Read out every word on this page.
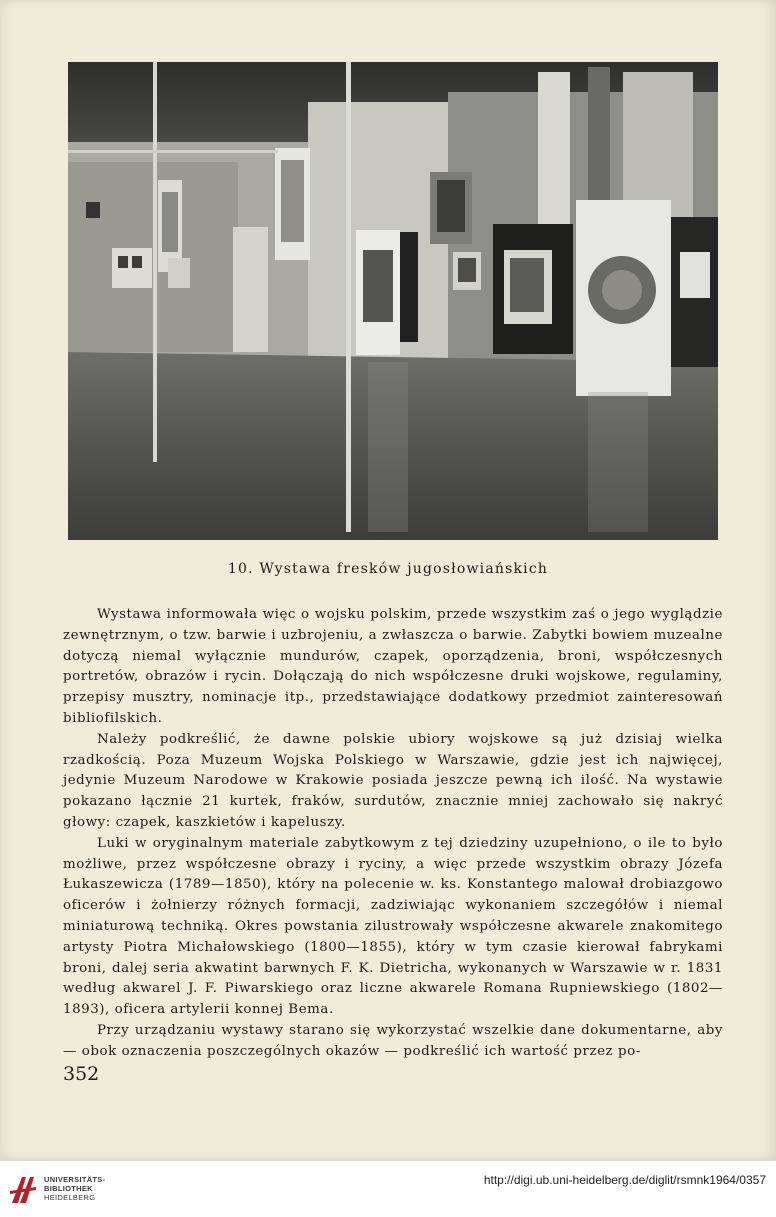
10. Wystawa fresków jugosłowiańskich

Wystawa informowała więc o wojsku polskim, przede wszystkim zaś o jego wyglądzie zewnętrznym, o tzw. barwie i uzbrojeniu, a zwłaszcza o barwie. Zabytki bowiem muzealne dotyczą niemal wyłącznie mundurów, czapek, oporządzenia, broni, współczesnych portretów, obrazów i rycin. Dołączają do nich współczesne druki wojskowe, regulaminy, przepisy musztry, nominacje itp., przedstawiające dodatkowy przedmiot zainteresowań bibliofilskich.

Należy podkreślić, że dawne polskie ubiory wojskowe są już dzisiaj wielka rzadkością. Poza Muzeum Wojska Polskiego w Warszawie, gdzie jest ich najwięcej, jedynie Muzeum Narodowe w Krakowie posiada jeszcze pewną ich ilość. Na wystawie pokazano łącznie 21 kurtek, fraków, surdutów, znacznie mniej zachowało się nakryć głowy: czapek, kaszkietów i kapeluszy.

Luki w oryginalnym materiale zabytkowym z tej dziedziny uzupełniono, o ile to było możliwe, przez współczesne obrazy i ryciny, a więc przede wszystkim obrazy Józefa Łukaszewicza (1789—1850), który na polecenie w. ks. Konstantego malował drobiazgowo oficerów i żołnierzy różnych formacji, zadziwiając wykonaniem szczegółów i niemal miniaturową techniką. Okres powstania zilustrowały współczesne akwarele znakomitego artysty Piotra Michałowskiego (1800—1855), który w tym czasie kierował fabrykami broni, dalej seria akwatint barwnych F. K. Dietricha, wykonanych w Warszawie w r. 1831 według akwarel J. F. Piwarskiego oraz liczne akwarele Romana Rupniewskiego (1802—1893), oficera artylerii konnej Bema.

Przy urządzaniu wystawy starano się wykorzystać wszelkie dane dokumentarne, aby — obok oznaczenia poszczególnych okazów — podkreślić ich wartość przez po-

352
UNIVERSITÄTS-
BIBLIOTHEK
HEIDELBERG
http://digi.ub.uni-heidelberg.de/diglit/rsmnk1964/0357
